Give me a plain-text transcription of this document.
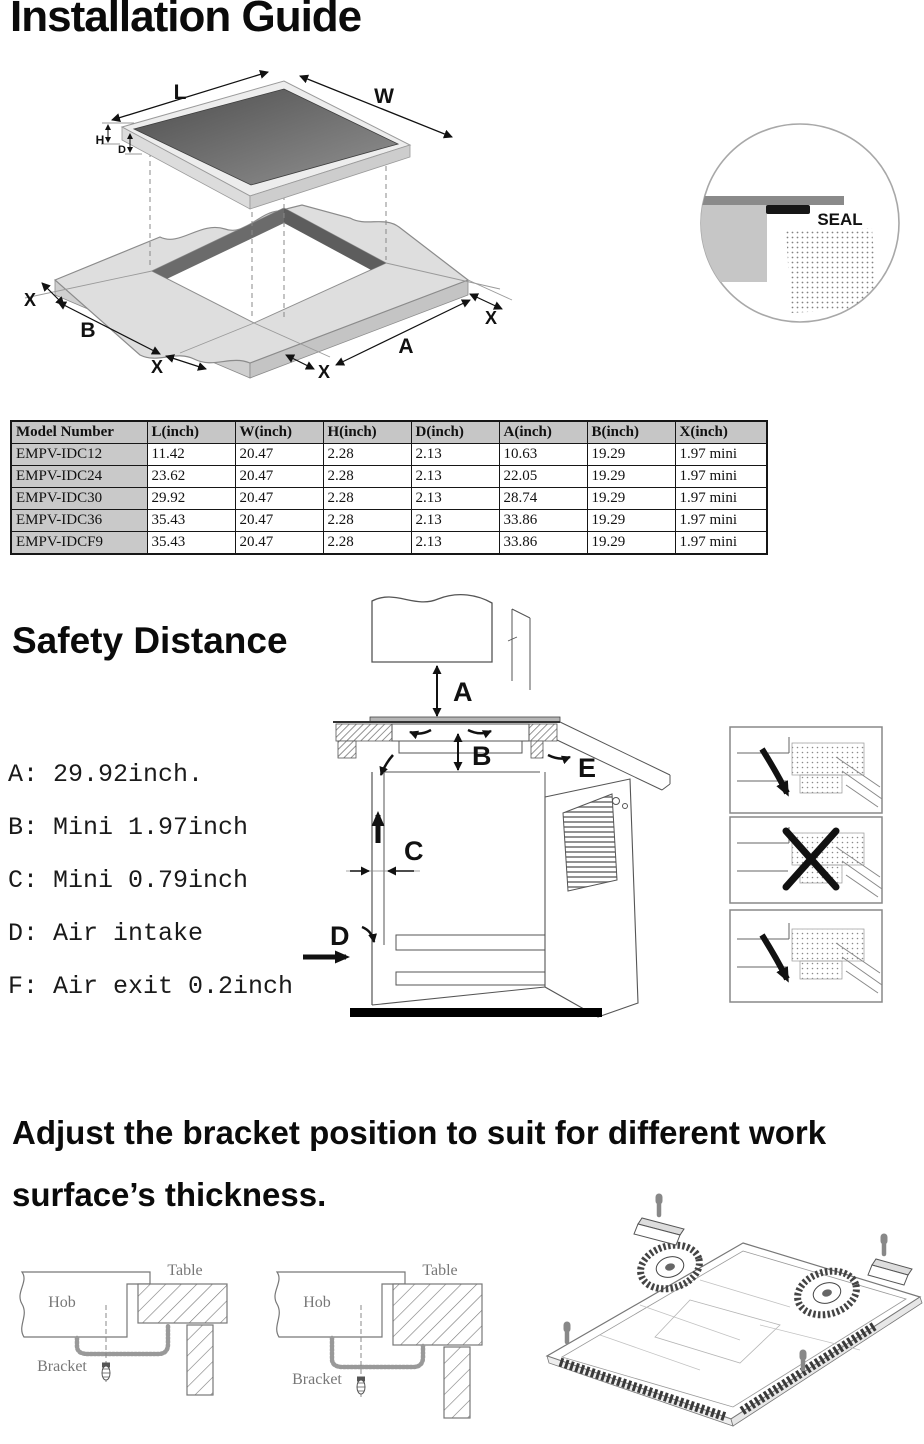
Installation Guide
L	W
H
D
X
B
X	X
A
X
SEAL
Model Number	L(inch)	W(inch)	H(inch)	D(inch)	A(inch)	B(inch)	X(inch)
EMPV-IDC12	11.42	20.47	2.28	2.13	10.63	19.29	1.97 mini
EMPV-IDC24	23.62	20.47	2.28	2.13	22.05	19.29	1.97 mini
EMPV-IDC30	29.92	20.47	2.28	2.13	28.74	19.29	1.97 mini
EMPV-IDC36	35.43	20.47	2.28	2.13	33.86	19.29	1.97 mini
EMPV-IDCF9	35.43	20.47	2.28	2.13	33.86	19.29	1.97 mini
Safety Distance
A: 29.92inch.
B: Mini 1.97inch
C: Mini 0.79inch
D: Air intake
F: Air exit 0.2inch
A
B	E
C
D
Adjust the bracket position to suit for different work surface’s thickness.
Hob
Table
Bracket
Hob
Table
Bracket
